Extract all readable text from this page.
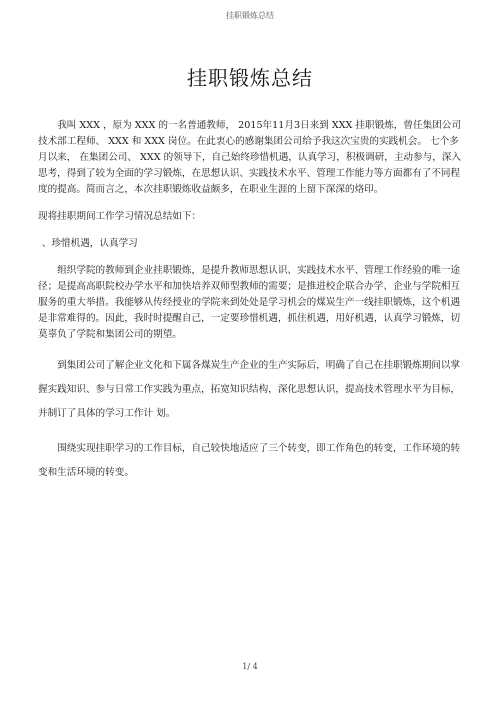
挂职锻炼总结
挂职锻炼总结

我叫 XXX ，原为 XXX 的一名普通教师， 2015年11月3日来到 XXX 挂职锻炼，曾任集团公司技术部工程师、 XXX 和 XXX 岗位。在此衷心的感谢集团公司给予我这次宝贵的实践机会。 七个多月以来， 在集团公司、 XXX 的领导下，自己始终珍惜机遇，认真学习，积极调研，主动参与，深入思考，得到了较为全面的学习锻炼，在思想认识、实践技术水平、管理工作能力等方面都有了不同程度的提高。简而言之，本次挂职锻炼收益颇多，在职业生涯的上留下深深的烙印。

现将挂职期间工作学习情况总结如下：

、珍惜机遇，认真学习

组织学院的教师到企业挂职锻炼，是提升教师思想认识、实践技术水平、管理工作经验的唯一途径；是提高高职院校办学水平和加快培养双师型教师的需要；是推进校企联合办学、企业与学院相互服务的重大举措。我能够从传经授业的学院来到处处是学习机会的煤炭生产一线挂职锻炼，这个机遇是非常难得的。因此，我时时提醒自己，一定要珍惜机遇，抓住机遇，用好机遇，认真学习锻炼，切莫辜负了学院和集团公司的期望。

到集团公司了解企业文化和下属各煤炭生产企业的生产实际后，明确了自己在挂职锻炼期间以掌握实践知识、参与日常工作实践为重点，拓宽知识结构，深化思想认识，提高技术管理水平为目标，并制订了具体的学习工作计 划。

围绕实现挂职学习的工作目标，自己较快地适应了三个转变，即工作角色的转变，工作环境的转变和生活环境的转变。

1/ 4
